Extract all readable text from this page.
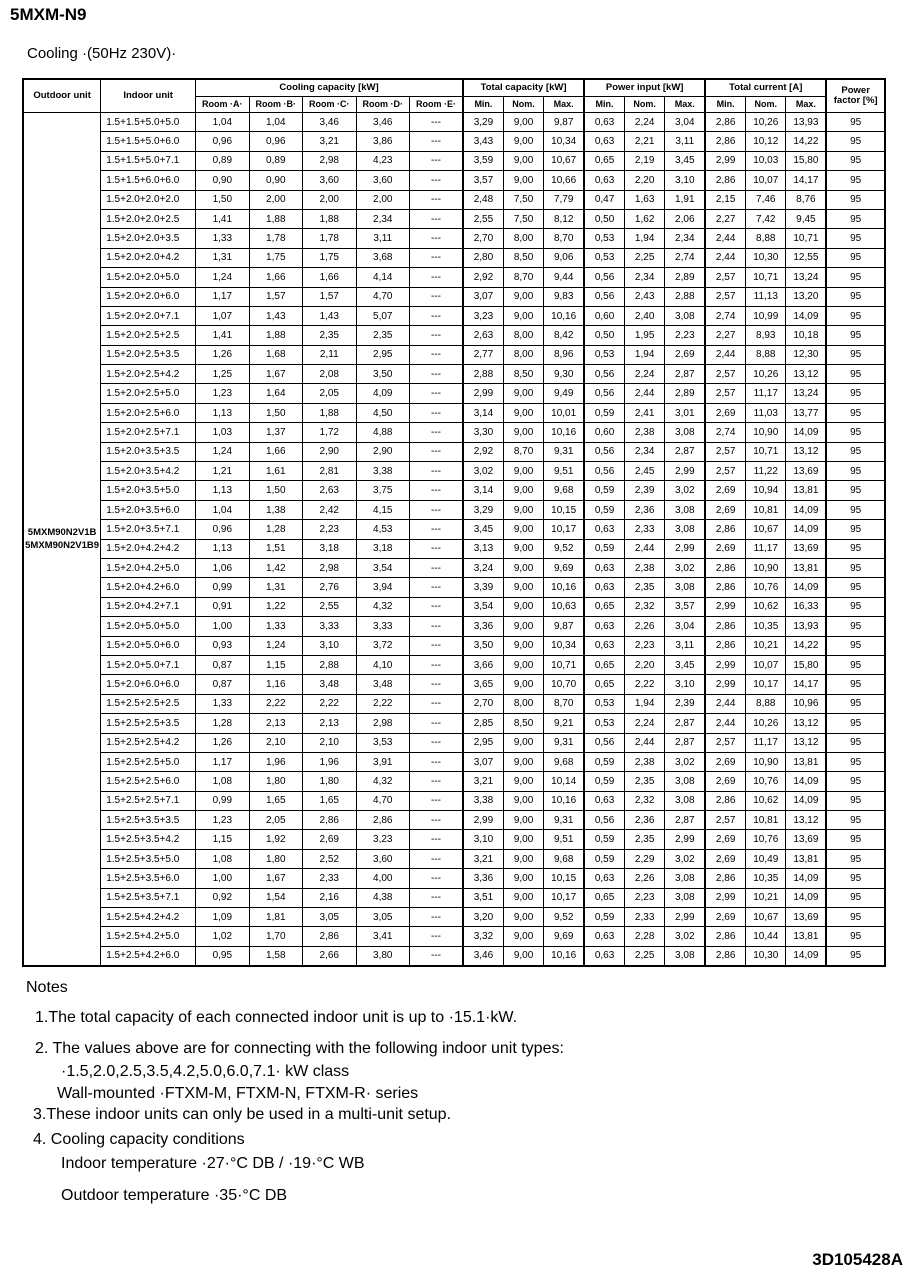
5MXM-N9
Cooling ·(50Hz 230V)·
Outdoor unit	Indoor unit	Cooling capacity [kW]					Total capacity [kW]			Power input [kW]			Total current [A]			Power factor [%]
		Room ·A·	Room ·B·	Room ·C·	Room ·D·	Room ·E·	Min.	Nom.	Max.	Min.	Nom.	Max.	Min.	Nom.	Max.	

5MXM90N2V1B
5MXM90N2V1B9	1.5+1.5+5.0+5.0	1,04	1,04	3,46	3,46	---	3,29	9,00	9,87	0,63	2,24	3,04	2,86	10,26	13,93	95
	1.5+1.5+5.0+6.0	0,96	0,96	3,21	3,86	---	3,43	9,00	10,34	0,63	2,21	3,11	2,86	10,12	14,22	95
	1.5+1.5+5.0+7.1	0,89	0,89	2,98	4,23	---	3,59	9,00	10,67	0,65	2,19	3,45	2,99	10,03	15,80	95
	1.5+1.5+6.0+6.0	0,90	0,90	3,60	3,60	---	3,57	9,00	10,66	0,63	2,20	3,10	2,86	10,07	14,17	95
	1.5+2.0+2.0+2.0	1,50	2,00	2,00	2,00	---	2,48	7,50	7,79	0,47	1,63	1,91	2,15	7,46	8,76	95
	1.5+2.0+2.0+2.5	1,41	1,88	1,88	2,34	---	2,55	7,50	8,12	0,50	1,62	2,06	2,27	7,42	9,45	95
	1.5+2.0+2.0+3.5	1,33	1,78	1,78	3,11	---	2,70	8,00	8,70	0,53	1,94	2,34	2,44	8,88	10,71	95
	1.5+2.0+2.0+4.2	1,31	1,75	1,75	3,68	---	2,80	8,50	9,06	0,53	2,25	2,74	2,44	10,30	12,55	95
	1.5+2.0+2.0+5.0	1,24	1,66	1,66	4,14	---	2,92	8,70	9,44	0,56	2,34	2,89	2,57	10,71	13,24	95
	1.5+2.0+2.0+6.0	1,17	1,57	1,57	4,70	---	3,07	9,00	9,83	0,56	2,43	2,88	2,57	11,13	13,20	95
	1.5+2.0+2.0+7.1	1,07	1,43	1,43	5,07	---	3,23	9,00	10,16	0,60	2,40	3,08	2,74	10,99	14,09	95
	1.5+2.0+2.5+2.5	1,41	1,88	2,35	2,35	---	2,63	8,00	8,42	0,50	1,95	2,23	2,27	8,93	10,18	95
	1.5+2.0+2.5+3.5	1,26	1,68	2,11	2,95	---	2,77	8,00	8,96	0,53	1,94	2,69	2,44	8,88	12,30	95
	1.5+2.0+2.5+4.2	1,25	1,67	2,08	3,50	---	2,88	8,50	9,30	0,56	2,24	2,87	2,57	10,26	13,12	95
	1.5+2.0+2.5+5.0	1,23	1,64	2,05	4,09	---	2,99	9,00	9,49	0,56	2,44	2,89	2,57	11,17	13,24	95
	1.5+2.0+2.5+6.0	1,13	1,50	1,88	4,50	---	3,14	9,00	10,01	0,59	2,41	3,01	2,69	11,03	13,77	95
	1.5+2.0+2.5+7.1	1,03	1,37	1,72	4,88	---	3,30	9,00	10,16	0,60	2,38	3,08	2,74	10,90	14,09	95
	1.5+2.0+3.5+3.5	1,24	1,66	2,90	2,90	---	2,92	8,70	9,31	0,56	2,34	2,87	2,57	10,71	13,12	95
	1.5+2.0+3.5+4.2	1,21	1,61	2,81	3,38	---	3,02	9,00	9,51	0,56	2,45	2,99	2,57	11,22	13,69	95
	1.5+2.0+3.5+5.0	1,13	1,50	2,63	3,75	---	3,14	9,00	9,68	0,59	2,39	3,02	2,69	10,94	13,81	95
	1.5+2.0+3.5+6.0	1,04	1,38	2,42	4,15	---	3,29	9,00	10,15	0,59	2,36	3,08	2,69	10,81	14,09	95
	1.5+2.0+3.5+7.1	0,96	1,28	2,23	4,53	---	3,45	9,00	10,17	0,63	2,33	3,08	2,86	10,67	14,09	95
	1.5+2.0+4.2+4.2	1,13	1,51	3,18	3,18	---	3,13	9,00	9,52	0,59	2,44	2,99	2,69	11,17	13,69	95
	1.5+2.0+4.2+5.0	1,06	1,42	2,98	3,54	---	3,24	9,00	9,69	0,63	2,38	3,02	2,86	10,90	13,81	95
	1.5+2.0+4.2+6.0	0,99	1,31	2,76	3,94	---	3,39	9,00	10,16	0,63	2,35	3,08	2,86	10,76	14,09	95
	1.5+2.0+4.2+7.1	0,91	1,22	2,55	4,32	---	3,54	9,00	10,63	0,65	2,32	3,57	2,99	10,62	16,33	95
	1.5+2.0+5.0+5.0	1,00	1,33	3,33	3,33	---	3,36	9,00	9,87	0,63	2,26	3,04	2,86	10,35	13,93	95
	1.5+2.0+5.0+6.0	0,93	1,24	3,10	3,72	---	3,50	9,00	10,34	0,63	2,23	3,11	2,86	10,21	14,22	95
	1.5+2.0+5.0+7.1	0,87	1,15	2,88	4,10	---	3,66	9,00	10,71	0,65	2,20	3,45	2,99	10,07	15,80	95
	1.5+2.0+6.0+6.0	0,87	1,16	3,48	3,48	---	3,65	9,00	10,70	0,65	2,22	3,10	2,99	10,17	14,17	95
	1.5+2.5+2.5+2.5	1,33	2,22	2,22	2,22	---	2,70	8,00	8,70	0,53	1,94	2,39	2,44	8,88	10,96	95
	1.5+2.5+2.5+3.5	1,28	2,13	2,13	2,98	---	2,85	8,50	9,21	0,53	2,24	2,87	2,44	10,26	13,12	95
	1.5+2.5+2.5+4.2	1,26	2,10	2,10	3,53	---	2,95	9,00	9,31	0,56	2,44	2,87	2,57	11,17	13,12	95
	1.5+2.5+2.5+5.0	1,17	1,96	1,96	3,91	---	3,07	9,00	9,68	0,59	2,38	3,02	2,69	10,90	13,81	95
	1.5+2.5+2.5+6.0	1,08	1,80	1,80	4,32	---	3,21	9,00	10,14	0,59	2,35	3,08	2,69	10,76	14,09	95
	1.5+2.5+2.5+7.1	0,99	1,65	1,65	4,70	---	3,38	9,00	10,16	0,63	2,32	3,08	2,86	10,62	14,09	95
	1.5+2.5+3.5+3.5	1,23	2,05	2,86	2,86	---	2,99	9,00	9,31	0,56	2,36	2,87	2,57	10,81	13,12	95
	1.5+2.5+3.5+4.2	1,15	1,92	2,69	3,23	---	3,10	9,00	9,51	0,59	2,35	2,99	2,69	10,76	13,69	95
	1.5+2.5+3.5+5.0	1,08	1,80	2,52	3,60	---	3,21	9,00	9,68	0,59	2,29	3,02	2,69	10,49	13,81	95
	1.5+2.5+3.5+6.0	1,00	1,67	2,33	4,00	---	3,36	9,00	10,15	0,63	2,26	3,08	2,86	10,35	14,09	95
	1.5+2.5+3.5+7.1	0,92	1,54	2,16	4,38	---	3,51	9,00	10,17	0,65	2,23	3,08	2,99	10,21	14,09	95
	1.5+2.5+4.2+4.2	1,09	1,81	3,05	3,05	---	3,20	9,00	9,52	0,59	2,33	2,99	2,69	10,67	13,69	95
	1.5+2.5+4.2+5.0	1,02	1,70	2,86	3,41	---	3,32	9,00	9,69	0,63	2,28	3,02	2,86	10,44	13,81	95
	1.5+2.5+4.2+6.0	0,95	1,58	2,66	3,80	---	3,46	9,00	10,16	0,63	2,25	3,08	2,86	10,30	14,09	95
Notes
1.The total capacity of each connected indoor unit is up to ·15.1·kW.
2. The values above are for connecting with the following indoor unit types:
·1.5,2.0,2.5,3.5,4.2,5.0,6.0,7.1· kW class
Wall-mounted ·FTXM-M, FTXM-N, FTXM-R· series
3.These indoor units can only be used in a multi-unit setup.
4. Cooling capacity conditions
Indoor temperature ·27·°C DB / ·19·°C WB
Outdoor temperature ·35·°C DB
3D105428A
